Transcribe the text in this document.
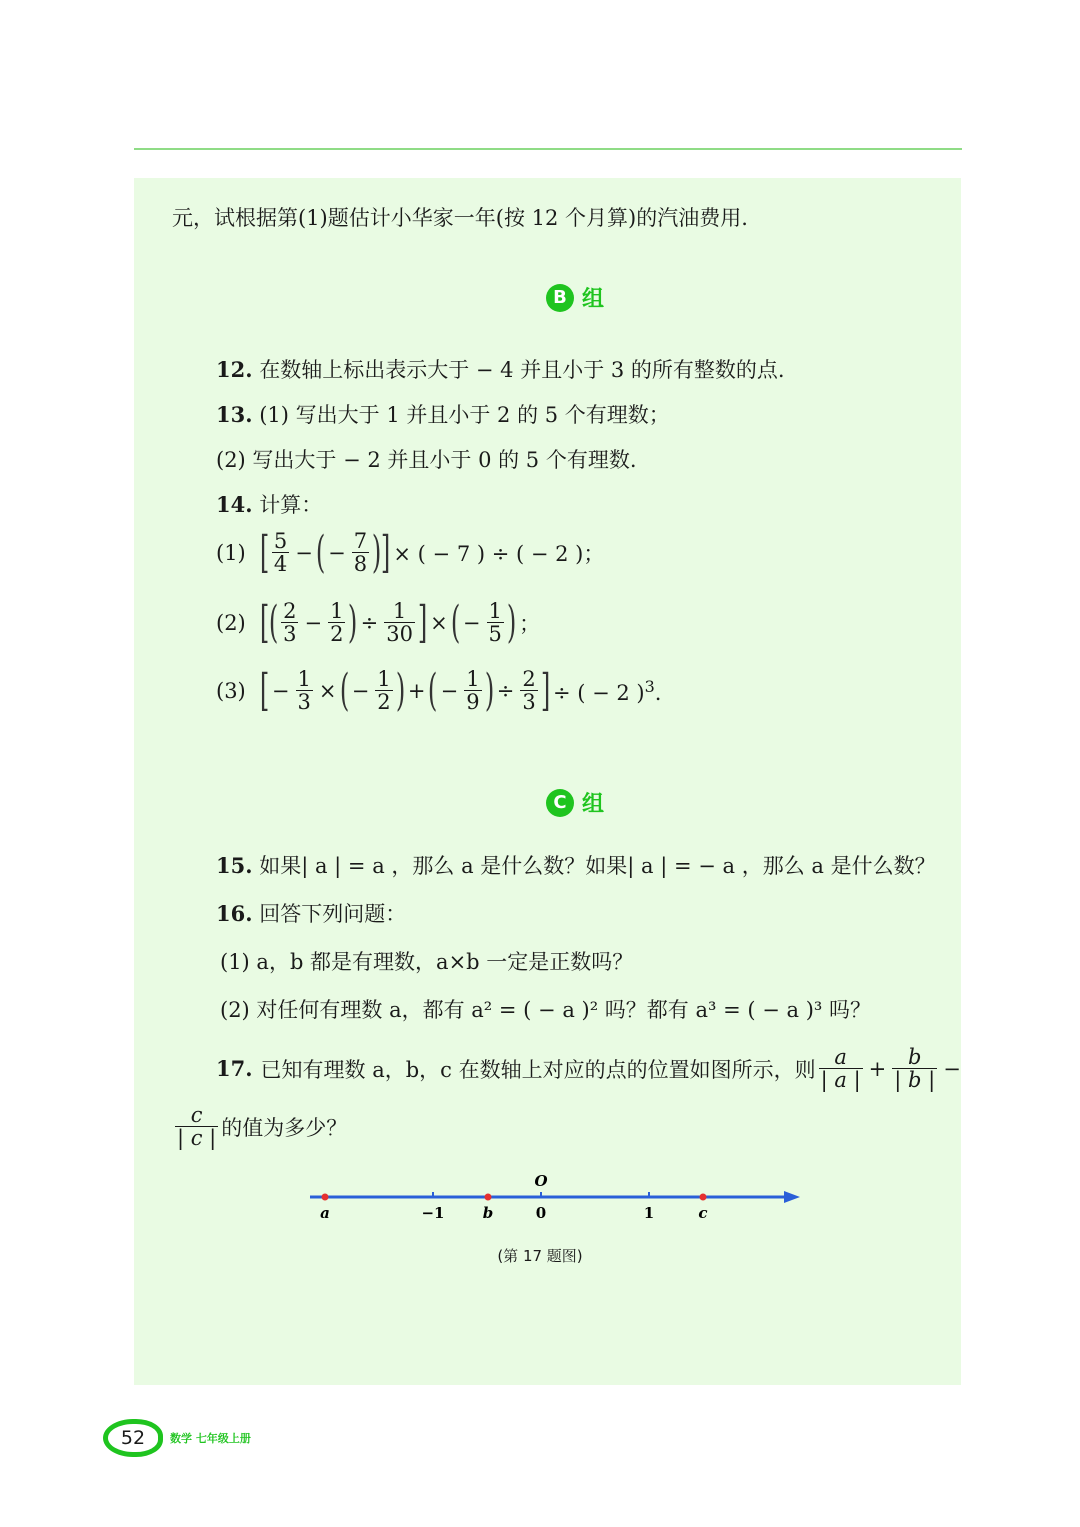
元，试根据第(1)题估计小华家一年(按 12 个月算)的汽油费用.
B 组
12. 在数轴上标出表示大于 − 4 并且小于 3 的所有整数的点.
13. (1) 写出大于 1 并且小于 2 的 5 个有理数；
(2) 写出大于 − 2 并且小于 0 的 5 个有理数.
14. 计算：
(1) [ $\frac{5}{4}$ − ( − $\frac{7}{8}$ ) ] × ( − 7 ) ÷ ( − 2 )；
(2) [ ( $\frac{2}{3} - \frac{1}{2}$ ) ÷ $\frac{1}{30}$ ] × ( − $\frac{1}{5}$ ) ；
(3) [ − $\frac{1}{3}$ × ( − $\frac{1}{2}$ ) + ( − $\frac{1}{9}$ ) ÷ $\frac{2}{3}$ ] ÷ ( − 2 )$^3$.
C 组
15. 如果| a | = a ，那么 a 是什么数？如果| a | = − a ，那么 a 是什么数？
16. 回答下列问题：
(1) a，b 都是有理数，a×b 一定是正数吗？
(2) 对任何有理数 a，都有 a² = ( − a )² 吗？都有 a³ = ( − a )³ 吗？
17. 已知有理数 a，b，c 在数轴上对应的点的位置如图所示，则 $\frac{a}{| a |} + \frac{b}{| b |}$ −
$\frac{c}{| c |}$ 的值为多少？
O
a	−1	b	0	1	c
(第 17 题图)
52 数学 七年级上册
